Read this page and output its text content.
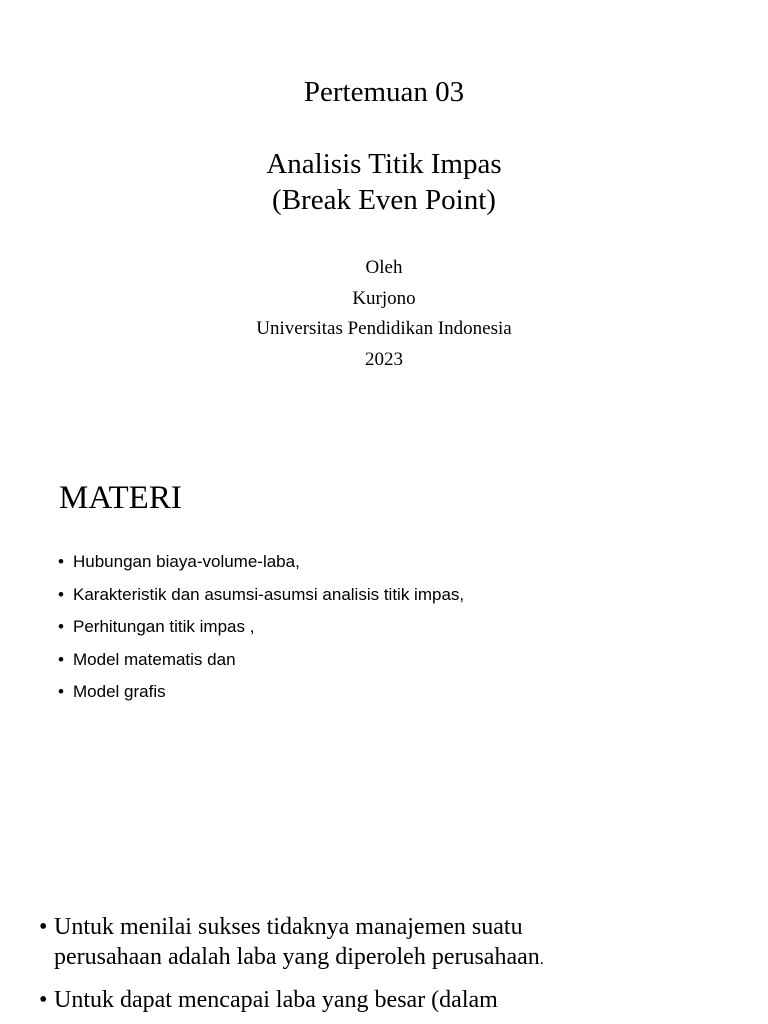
Pertemuan 03
Analisis Titik Impas
(Break Even Point)
Oleh
Kurjono
Universitas Pendidikan Indonesia
2023
MATERI
• Hubungan biaya-volume-laba,
• Karakteristik dan asumsi-asumsi analisis titik impas,
• Perhitungan titik impas ,
• Model matematis dan
• Model grafis
• Untuk menilai sukses tidaknya manajemen suatu
perusahaan adalah laba yang diperoleh perusahaan.
• Untuk dapat mencapai laba yang besar (dalam
